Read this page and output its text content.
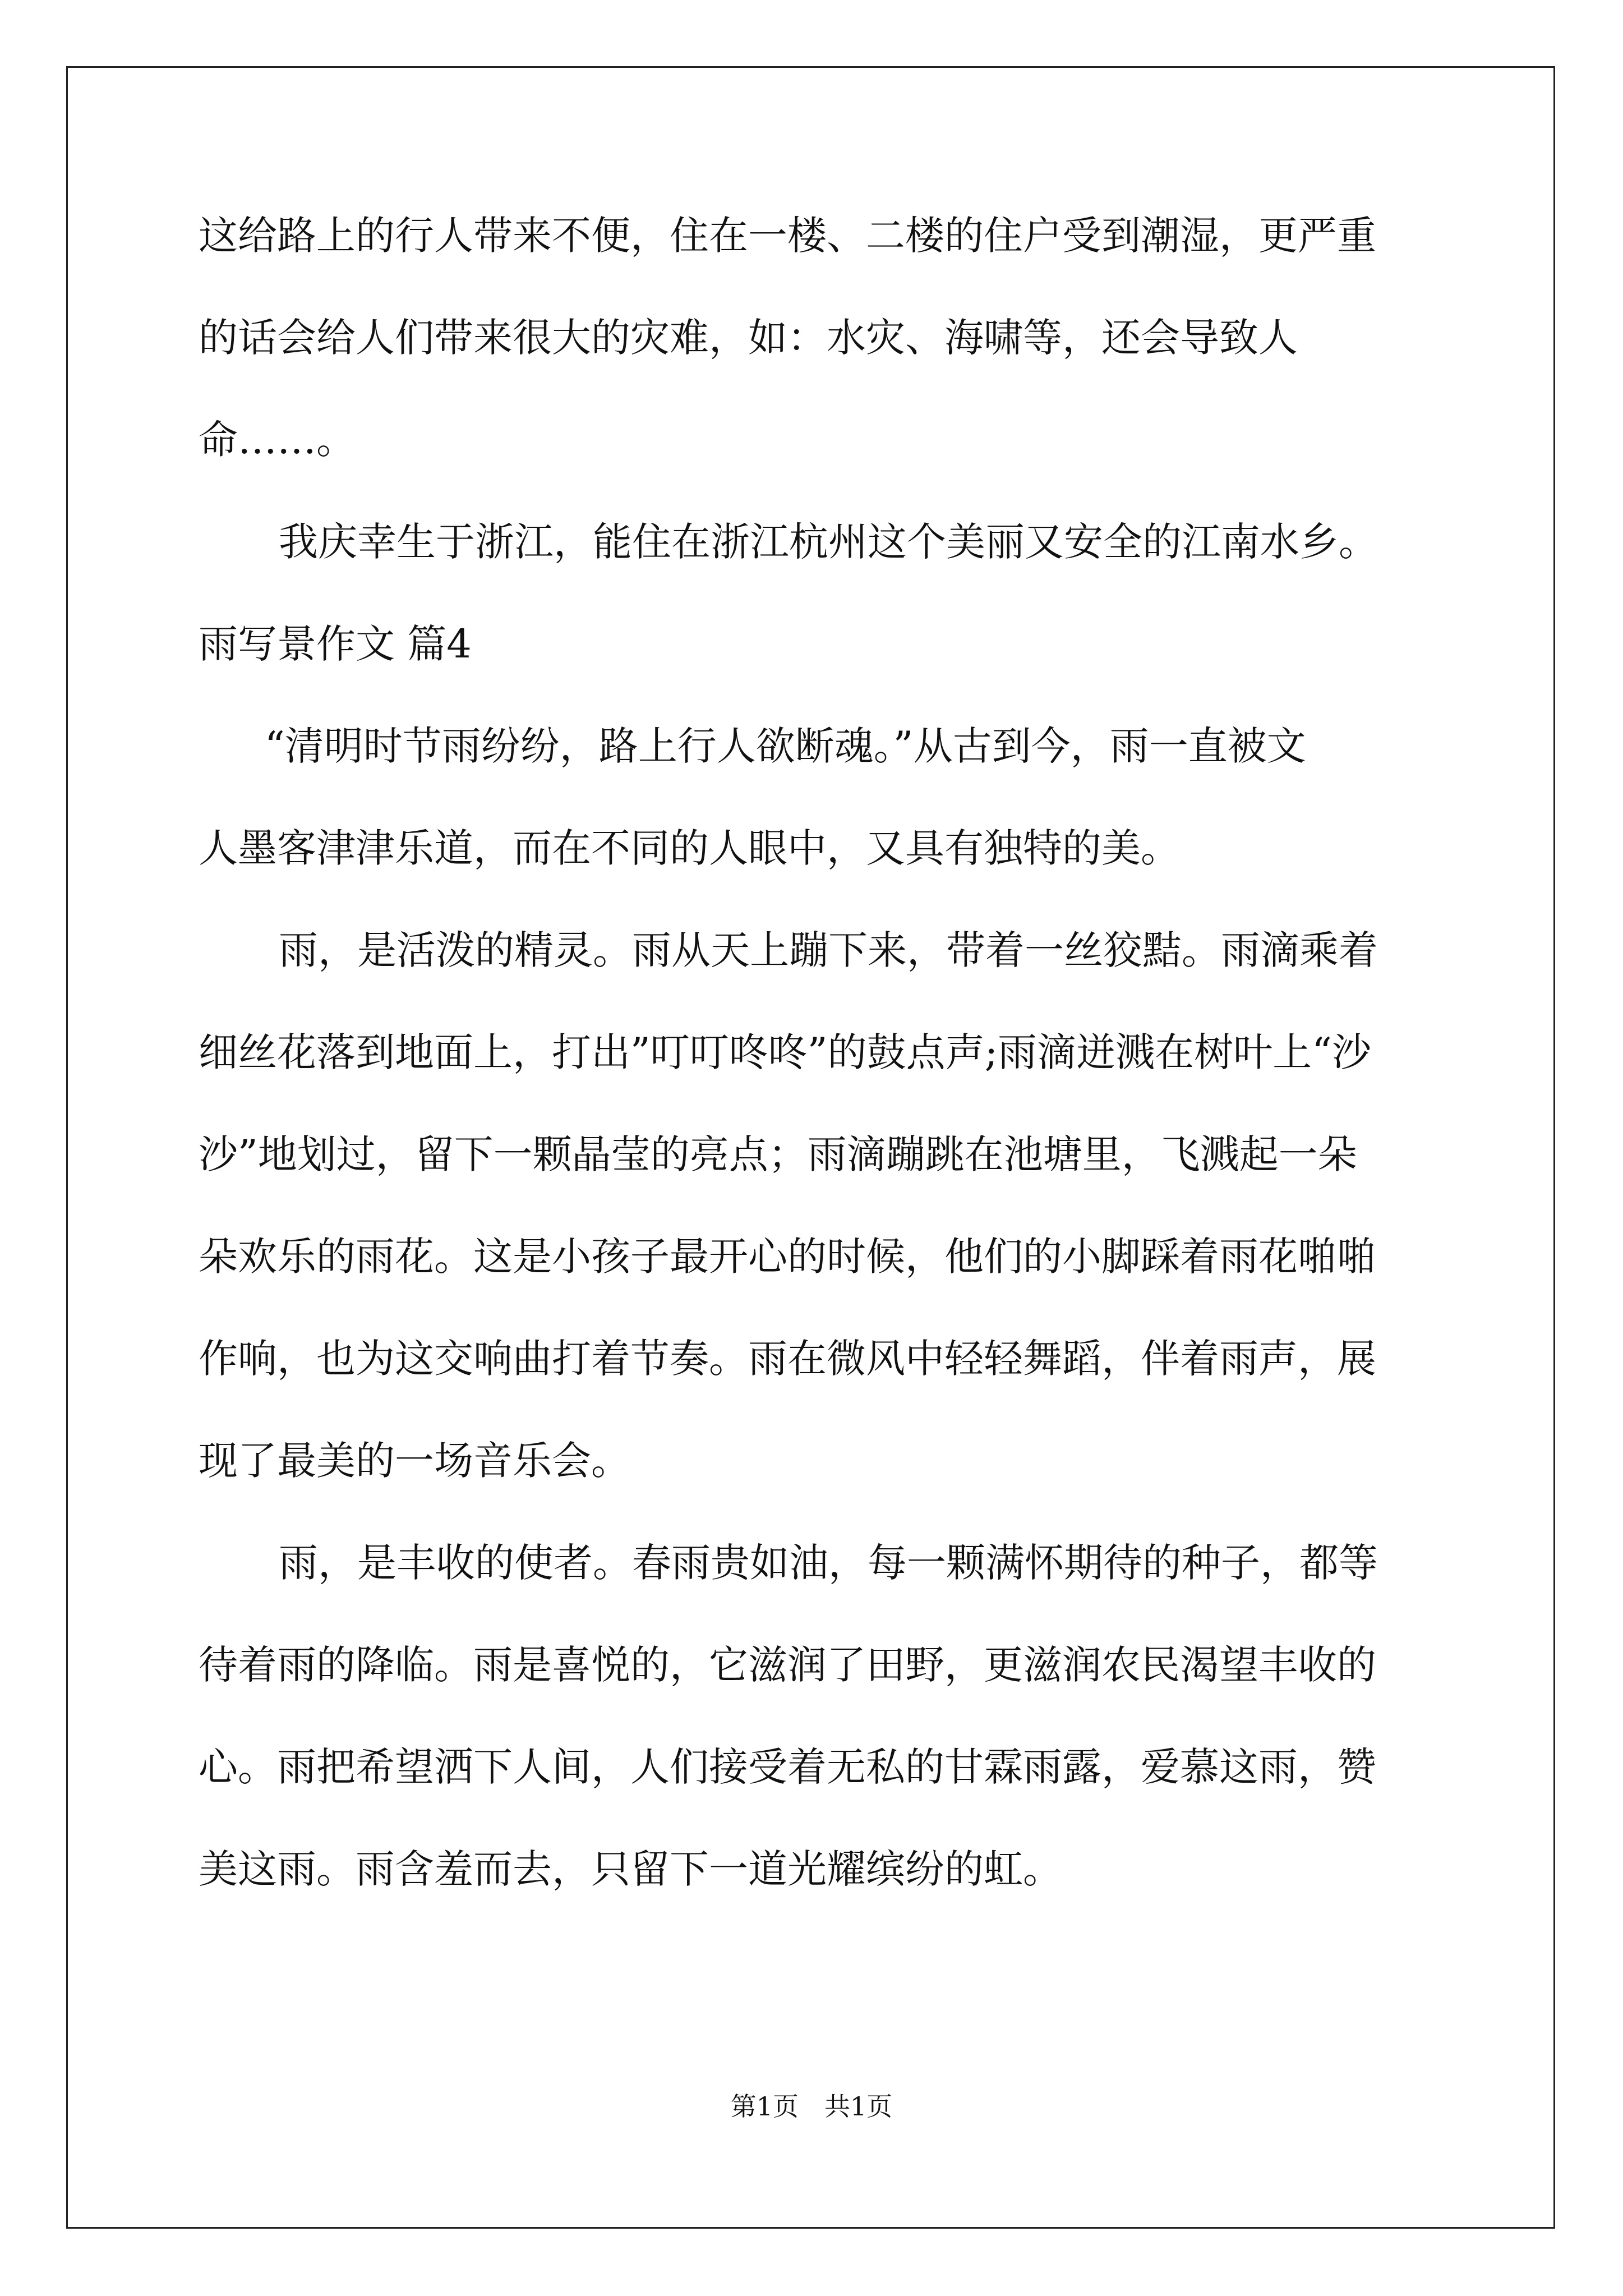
这给路上的行人带来不便，住在一楼、二楼的住户受到潮湿，更严重
的话会给人们带来很大的灾难，如：水灾、海啸等，还会导致人
命……。
我庆幸生于浙江，能住在浙江杭州这个美丽又安全的江南水乡。
雨写景作文 篇4
“清明时节雨纷纷，路上行人欲断魂。”从古到今，雨一直被文
人墨客津津乐道，而在不同的人眼中，又具有独特的美。
雨，是活泼的精灵。雨从天上蹦下来，带着一丝狡黠。雨滴乘着
细丝花落到地面上，打出”叮叮咚咚”的鼓点声;雨滴迸溅在树叶上“沙
沙”地划过，留下一颗晶莹的亮点；雨滴蹦跳在池塘里，飞溅起一朵
朵欢乐的雨花。这是小孩子最开心的时候，他们的小脚踩着雨花啪啪
作响，也为这交响曲打着节奏。雨在微风中轻轻舞蹈，伴着雨声，展
现了最美的一场音乐会。
雨，是丰收的使者。春雨贵如油，每一颗满怀期待的种子，都等
待着雨的降临。雨是喜悦的，它滋润了田野，更滋润农民渴望丰收的
心。雨把希望洒下人间，人们接受着无私的甘霖雨露，爱慕这雨，赞
美这雨。雨含羞而去，只留下一道光耀缤纷的虹。
第1页　共1页
